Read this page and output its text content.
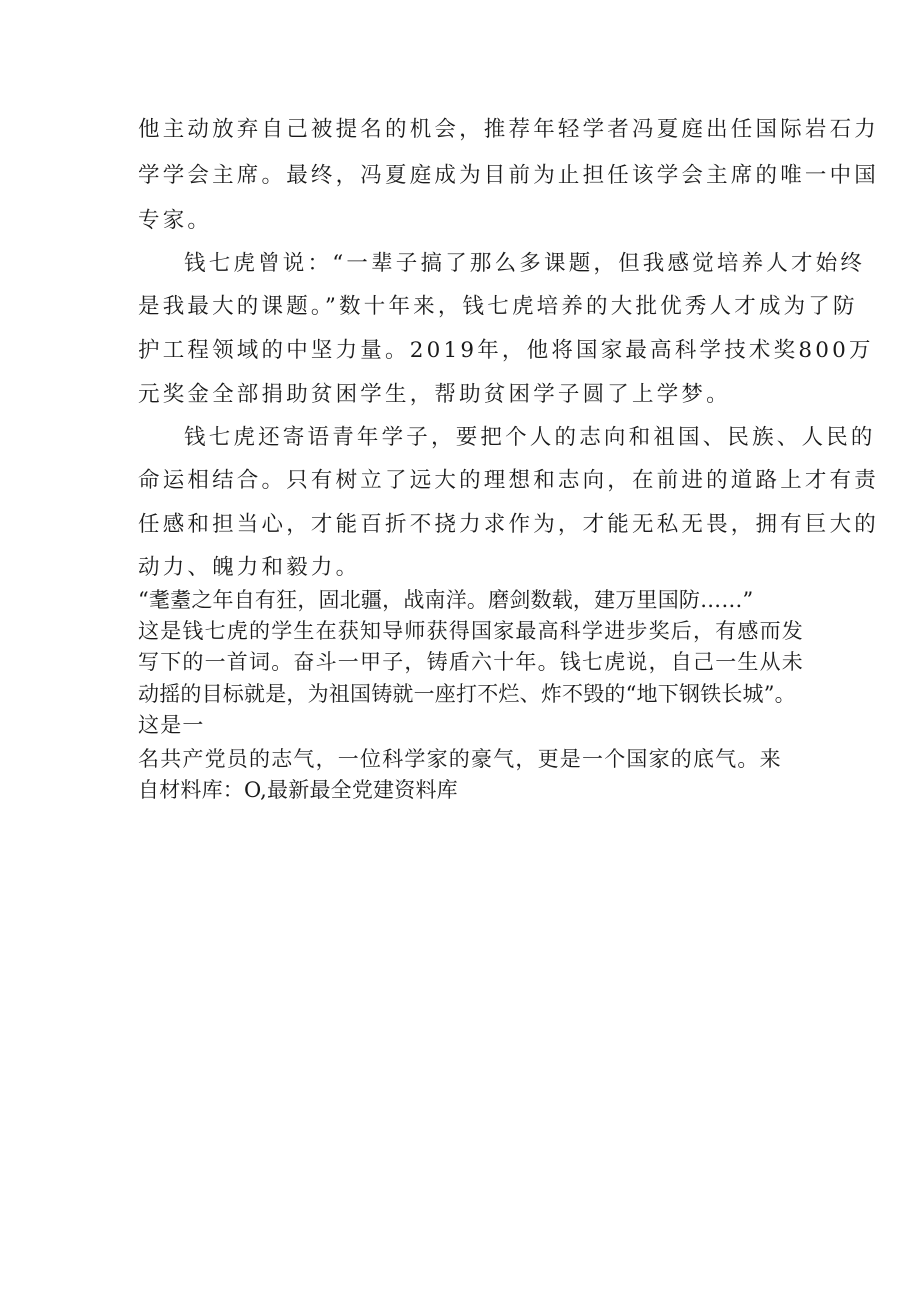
他主动放弃自己被提名的机会，推荐年轻学者冯夏庭出任国际岩石力

学学会主席。最终，冯夏庭成为目前为止担任该学会主席的唯一中国

专家。

钱七虎曾说：“一辈子搞了那么多课题，但我感觉培养人才始终

是我最大的课题。”数十年来，钱七虎培养的大批优秀人才成为了防

护工程领域的中坚力量。2019年，他将国家最高科学技术奖800万

元奖金全部捐助贫困学生，帮助贫困学子圆了上学梦。

钱七虎还寄语青年学子，要把个人的志向和祖国、民族、人民的

命运相结合。只有树立了远大的理想和志向，在前进的道路上才有责

任感和担当心，才能百折不挠力求作为，才能无私无畏，拥有巨大的

动力、魄力和毅力。

“耄耋之年自有狂，固北疆，战南洋。磨剑数载，建万里国防……”

这是钱七虎的学生在获知导师获得国家最高科学进步奖后，有感而发

写下的一首词。奋斗一甲子，铸盾六十年。钱七虎说，自己一生从未

动摇的目标就是，为祖国铸就一座打不烂、炸不毁的“地下钢铁长城”。

这是一

名共产党员的志气，一位科学家的豪气，更是一个国家的底气。来

自材料库：O,最新最全党建资料库
